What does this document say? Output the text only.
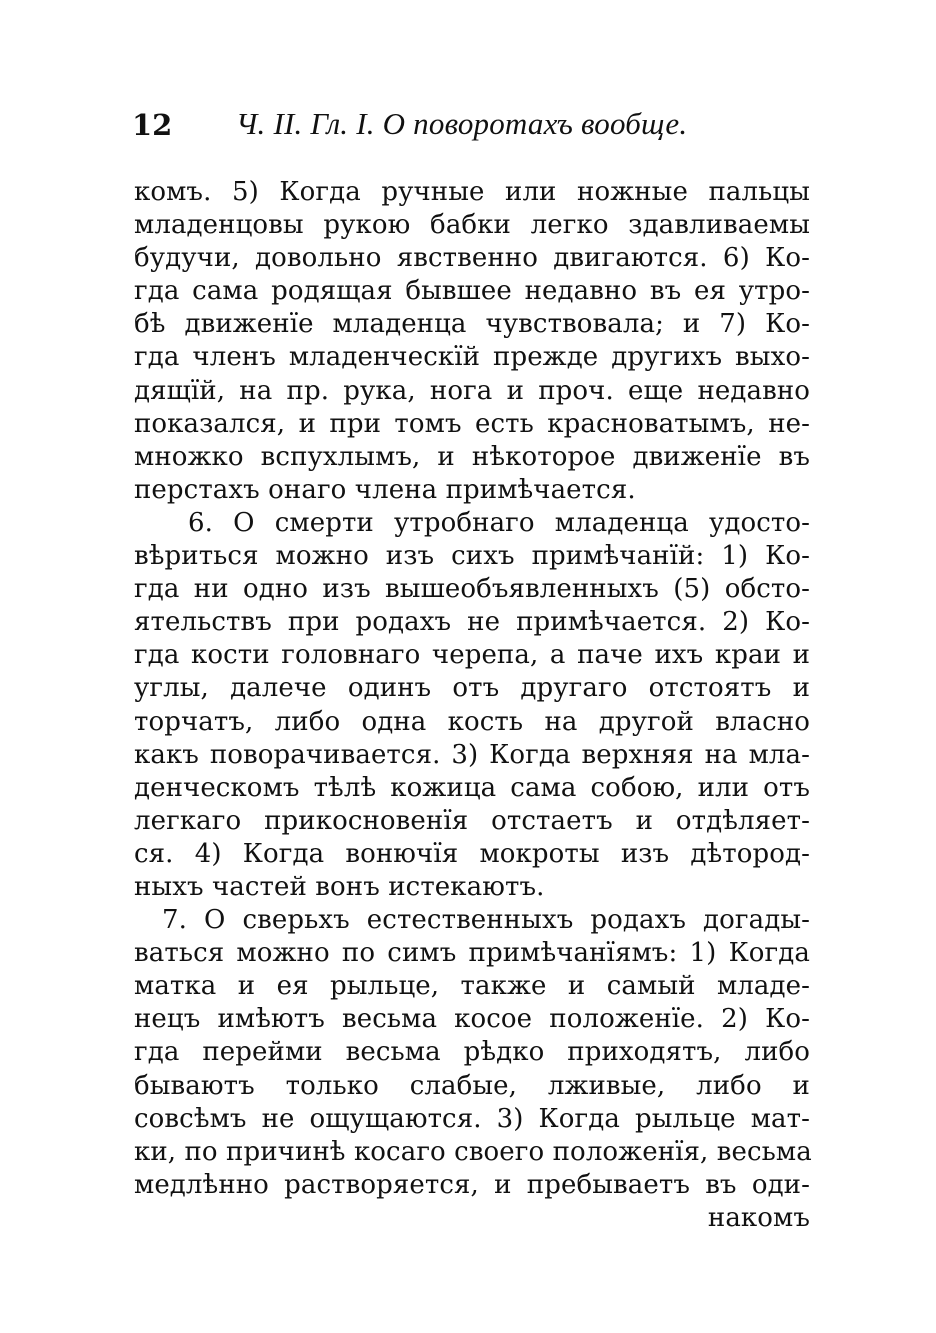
12 Ч. II. Гл. I. О поворотахъ вообще.
комъ. 5) Когда ручные или ножные пальцы
младенцовы рукою бабки легко здавливаемы
будучи, довольно явственно двигаются. 6) Ко-
гда сама родящая бывшее недавно въ ея утро-
бѣ движенïе младенца чувствовала; и 7) Ко-
гда членъ младенческïй прежде другихъ выхо-
дящïй, на пр. рука, нога и проч. еще недавно
показался, и при томъ есть красноватымъ, не-
множко вспухлымъ, и нѣкоторое движенïе въ
перстахъ онаго члена примѣчается.
6. О смерти утробнаго младенца удосто-
вѣриться можно изъ сихъ примѣчанïй: 1) Ко-
гда ни одно изъ вышеобъявленныхъ (5) обсто-
ятельствъ при родахъ не примѣчается. 2) Ко-
гда кости головнаго черепа, а паче ихъ краи и
углы, далече одинъ отъ другаго отстоятъ и
торчатъ, либо одна кость на другой власно
какъ поворачивается. 3) Когда верхняя на мла-
денческомъ тѣлѣ кожица сама собою, или отъ
легкаго прикосновенïя отстаетъ и отдѣляет-
ся. 4) Когда вонючïя мокроты изъ дѣтород-
ныхъ частей вонъ истекаютъ.
7. О сверьхъ естественныхъ родахъ догады-
ваться можно по симъ примѣчанïямъ: 1) Когда
матка и ея рыльце, также и самый младе-
нецъ имѣютъ весьма косое положенïе. 2) Ко-
гда перейми весьма рѣдко приходятъ, либо
бываютъ только слабые, лживые, либо и
совсѣмъ не ощущаются. 3) Когда рыльце мат-
ки, по причинѣ косаго своего положенïя, весьма
медлѣнно растворяется, и пребываетъ въ оди-
накомъ
